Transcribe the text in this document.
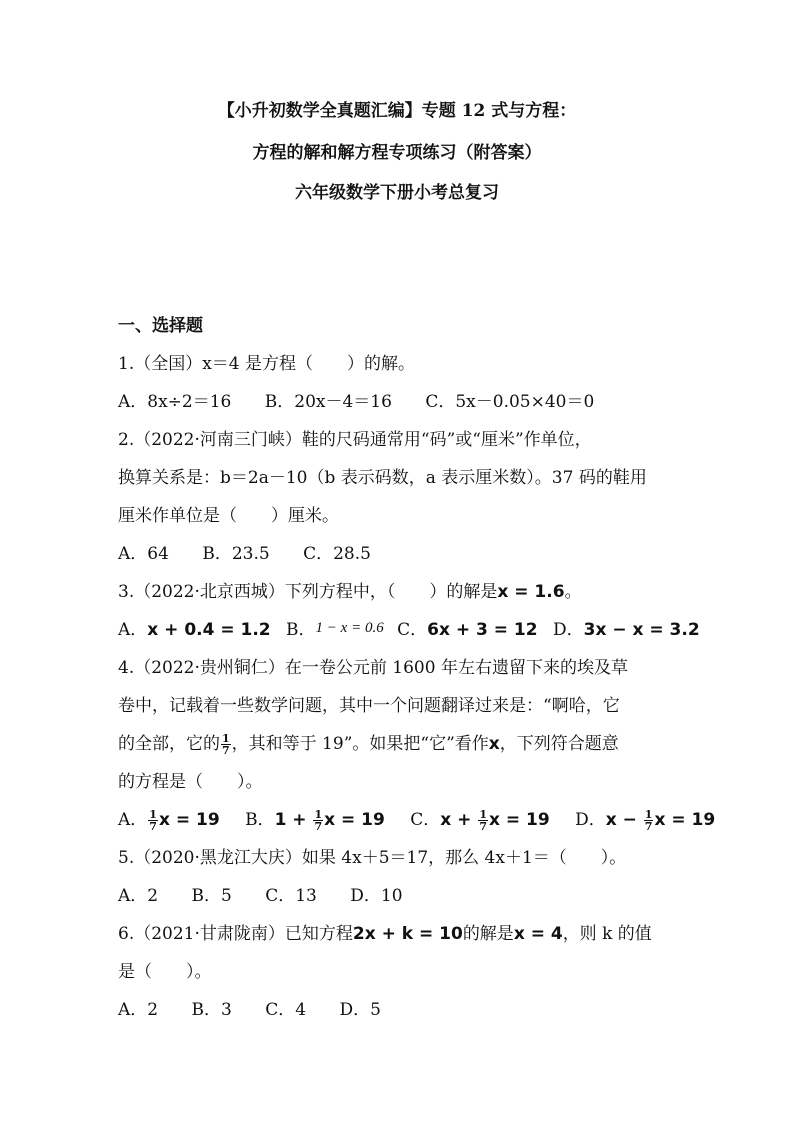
【小升初数学全真题汇编】专题 12 式与方程：
方程的解和解方程专项练习（附答案）
六年级数学下册小考总复习
一、选择题
1.（全国）x＝4 是方程（　　）的解。
A．8x÷2＝16 B．20x－4＝16 C．5x－0.05×40＝0
2.（2022·河南三门峡）鞋的尺码通常用“码”或“厘米”作单位，
换算关系是：b＝2a－10（b 表示码数，a 表示厘米数）。37 码的鞋用
厘米作单位是（　　）厘米。
A．64 B．23.5 C．28.5
3.（2022·北京西城）下列方程中，（　　）的解是x = 1.6。
A．x + 0.4 = 1.2 B．1 − x = 0.6 C．6x + 3 = 12 D．3x − x = 3.2
4.（2022·贵州铜仁）在一卷公元前 1600 年左右遗留下来的埃及草
卷中，记载着一些数学问题，其中一个问题翻译过来是：“啊哈，它
的全部，它的 $\frac{1}{7}$ ，其和等于 19”。如果把“它”看作x，下列符合题意
的方程是（　　）。
A． $\frac{1}{7}$ x = 19 B．$1 + \frac{1}{7}$ x = 19 C．$x + \frac{1}{7}$ x = 19 D．$x - \frac{1}{7}$ x = 19
5.（2020·黑龙江大庆）如果 4x＋5＝17，那么 4x＋1＝（　　）。
A．2 B．5 C．13 D．10
6.（2021·甘肃陇南）已知方程2x + k = 10的解是x = 4，则 k 的值
是（　　）。
A．2 B．3 C．4 D．5
